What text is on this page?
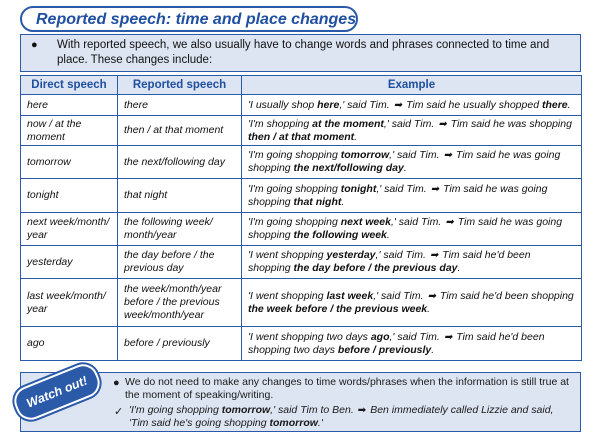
Reported speech: time and place changes
● With reported speech, we also usually have to change words and phrases connected to time and place. These changes include:
Direct speech	Reported speech	Example
here	there	'I usually shop here,' said Tim. ➡ Tim said he usually shopped there.
now / at the moment	then / at that moment	'I'm shopping at the moment,' said Tim. ➡ Tim said he was shopping then / at that moment.
tomorrow	the next/following day	'I'm going shopping tomorrow,' said Tim. ➡ Tim said he was going shopping the next/following day.
tonight	that night	'I'm going shopping tonight,' said Tim. ➡ Tim said he was going shopping that night.
next week/month/ year	the following week/ month/year	'I'm going shopping next week,' said Tim. ➡ Tim said he was going shopping the following week.
yesterday	the day before / the previous day	'I went shopping yesterday,' said Tim. ➡ Tim said he'd been shopping the day before / the previous day.
last week/month/ year	the week/month/year before / the previous week/month/year	'I went shopping last week,' said Tim. ➡ Tim said he'd been shopping the week before / the previous week.
ago	before / previously	'I went shopping two days ago,' said Tim. ➡ Tim said he'd been shopping two days before / previously.
Watch out! ● We do not need to make any changes to time words/phrases when the information is still true at the moment of speaking/writing.
✓ 'I'm going shopping tomorrow,' said Tim to Ben. ➡ Ben immediately called Lizzie and said, 'Tim said he's going shopping tomorrow.'
